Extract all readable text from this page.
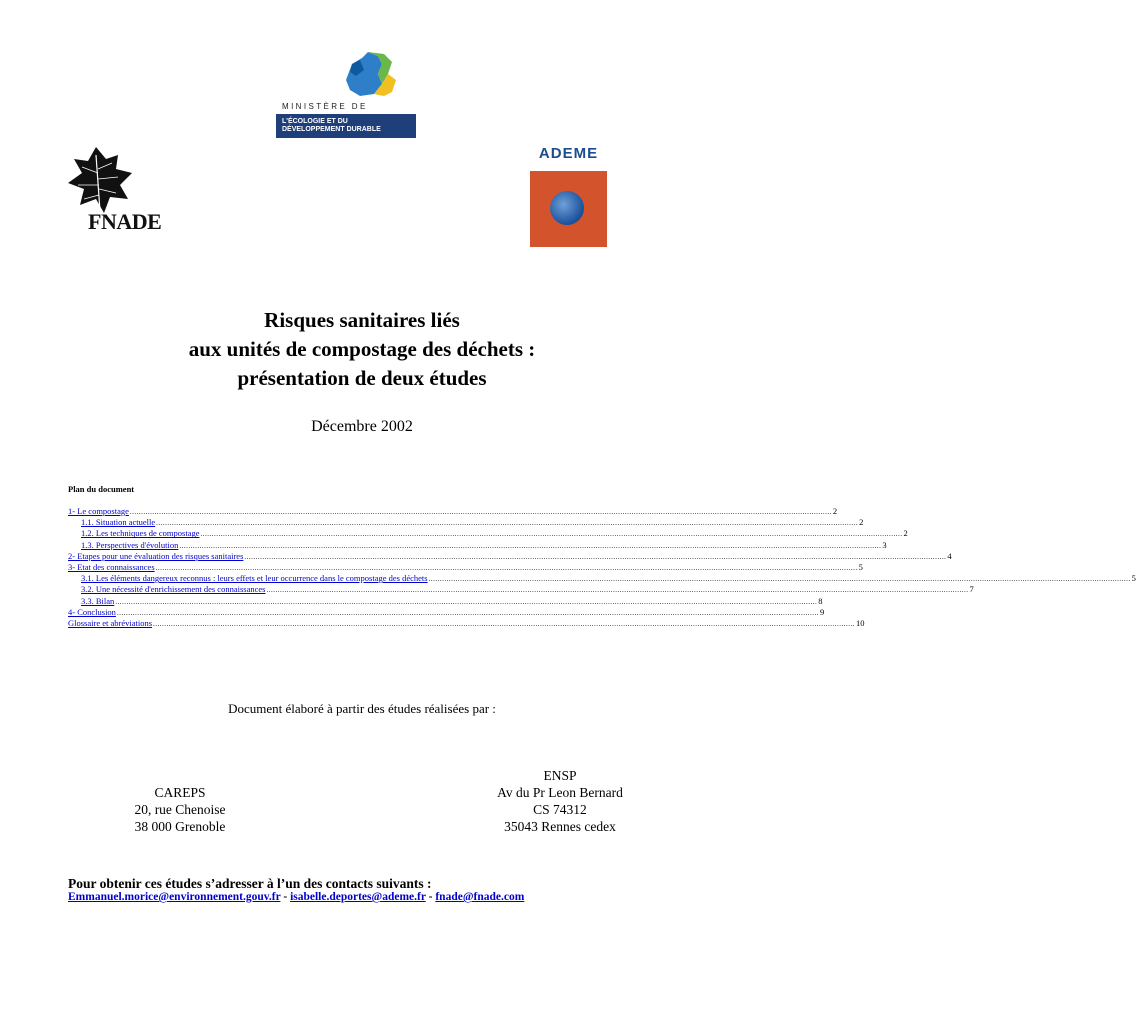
MINISTÈRE DE
L'ÉCOLOGIE ET DU
DÉVELOPPEMENT DURABLE
FNADE
ADEME
Risques sanitaires liés
aux unités de compostage des déchets :
présentation de deux études
Décembre 2002
Plan du document
1- Le compostage ........................................................................................................................................................................................................................................................................................................................ 2
1.1. Situation actuelle ........................................................................................................................................................................................................................................................................................................................ 2
1.2. Les techniques de compostage ........................................................................................................................................................................................................................................................................................................................ 2
1.3. Perspectives d'évolution ........................................................................................................................................................................................................................................................................................................................ 3
2- Etapes pour une évaluation des risques sanitaires ........................................................................................................................................................................................................................................................................................................................ 4
3- Etat des connaissances ........................................................................................................................................................................................................................................................................................................................ 5
3.1. Les éléments dangereux reconnus : leurs effets et leur occurrence dans le compostage des déchets ........................................................................................................................................................................................................................................................................................................................ 5
3.2. Une nécessité d'enrichissement des connaissances ........................................................................................................................................................................................................................................................................................................................ 7
3.3. Bilan ........................................................................................................................................................................................................................................................................................................................ 8
4- Conclusion ........................................................................................................................................................................................................................................................................................................................ 9
Glossaire et abréviations ........................................................................................................................................................................................................................................................................................................................ 10
Document élaboré à partir des études réalisées par :
CAREPS
20, rue Chenoise
38 000 Grenoble
ENSP
Av du Pr Leon Bernard
CS 74312
35043 Rennes cedex
Pour obtenir ces études s’adresser à l’un des contacts suivants :
Emmanuel.morice@environnement.gouv.fr - isabelle.deportes@ademe.fr - fnade@fnade.com
